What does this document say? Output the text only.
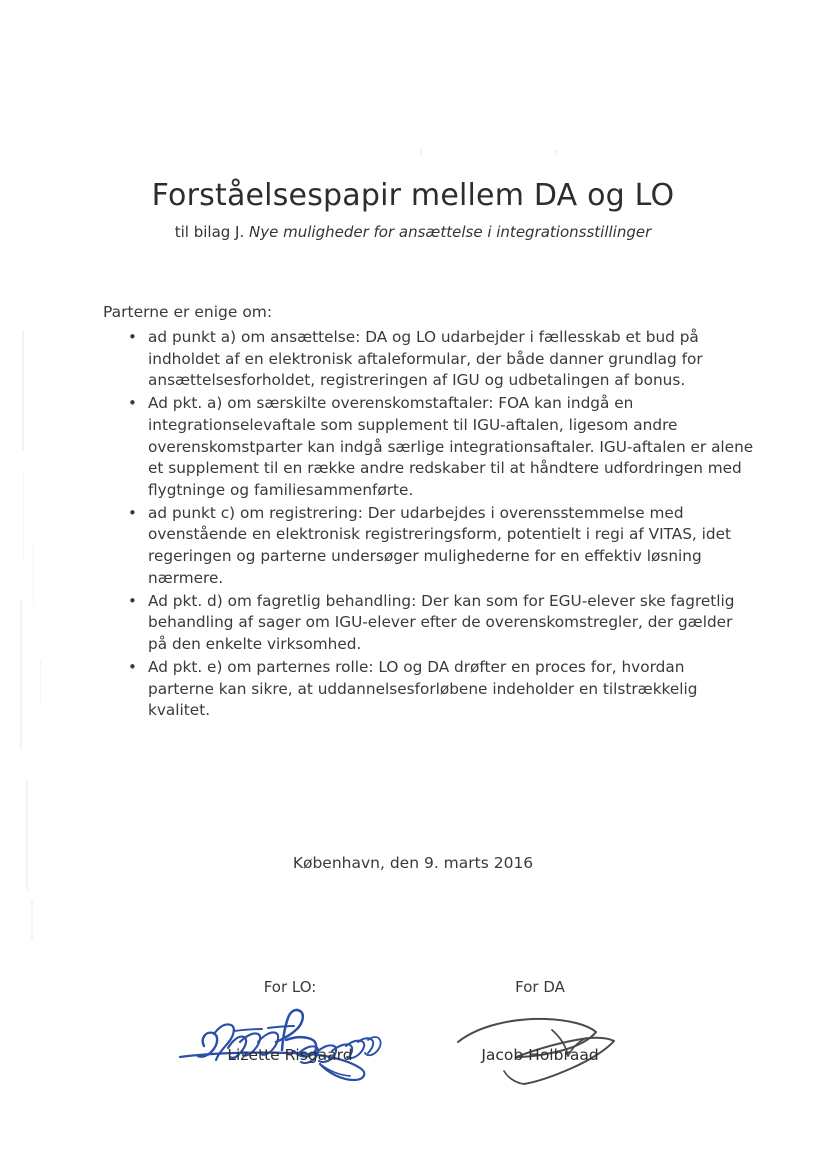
Forståelsespapir mellem DA og LO
til bilag J. Nye muligheder for ansættelse i integrationsstillinger

Parterne er enige om:

• ad punkt a) om ansættelse: DA og LO udarbejder i fællesskab et bud på indholdet af en elektronisk aftaleformular, der både danner grundlag for ansættelsesforholdet, registreringen af IGU og udbetalingen af bonus.
• Ad pkt. a) om særskilte overenskomstaftaler: FOA kan indgå en integrationselevaftale som supplement til IGU-aftalen, ligesom andre overenskomstparter kan indgå særlige integrationsaftaler. IGU-aftalen er alene et supplement til en række andre redskaber til at håndtere udfordringen med flygtninge og familiesammenførte.
• ad punkt c) om registrering: Der udarbejdes i overensstemmelse med ovenstående en elektronisk registreringsform, potentielt i regi af VITAS, idet regeringen og parterne undersøger mulighederne for en effektiv løsning nærmere.
• Ad pkt. d) om fagretlig behandling: Der kan som for EGU-elever ske fagretlig behandling af sager om IGU-elever efter de overenskomstregler, der gælder på den enkelte virksomhed.
• Ad pkt. e) om parternes rolle: LO og DA drøfter en proces for, hvordan parterne kan sikre, at uddannelsesforløbene indeholder en tilstrækkelig kvalitet.

København, den 9. marts 2016

For LO:	For DA
Lizette Risgaard	Jacob Holbraad
